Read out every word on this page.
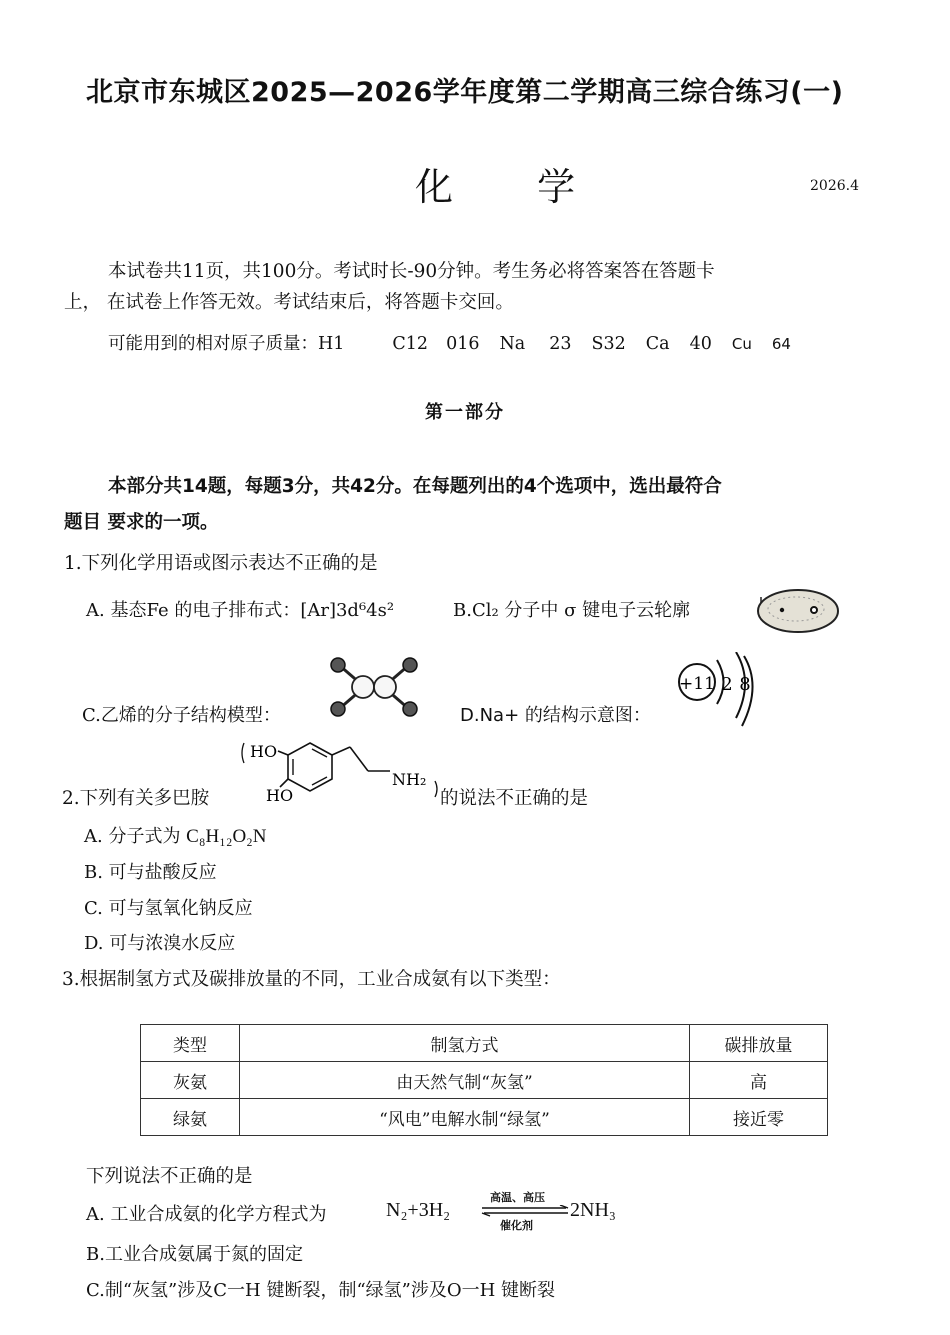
北京市东城区2025—2026学年度第二学期高三综合练习(一)
化 学	2026.4
本试卷共11页，共100分。考试时长-90分钟。考生务必将答案答在答题卡
上， 在试卷上作答无效。考试结束后，将答题卡交回。
可能用到的相对原子质量：H1	C12 016 Na 23 S32 Ca 40 Cu 64
第一部分
本部分共14题，每题3分，共42分。在每题列出的4个选项中，选出最符合
题目 要求的一项。
1.下列化学用语或图示表达不正确的是
A. 基态Fe 的电子排布式：[Ar]3d⁶4s²	B.Cl₂ 分子中 σ 键电子云轮廓
C.乙烯的分子结构模型：	D.Na+ 的结构示意图：
+11 2 8
2.下列有关多巴胺
HO
HO
NH₂
的说法不正确的是
A. 分子式为 C₈H₁₂O₂N
B. 可与盐酸反应
C. 可与氢氧化钠反应
D. 可与浓溴水反应
3.根据制氢方式及碳排放量的不同，工业合成氨有以下类型：
类型	制氢方式	碳排放量
灰氨	由天然气制“灰氢”	高
绿氨	“风电”电解水制“绿氢”	接近零
下列说法不正确的是
A. 工业合成氨的化学方程式为	N₂+3H₂
高温、高压
催化剂
2NH₃
B.工业合成氨属于氮的固定
C.制“灰氢”涉及C一H 键断裂，制“绿氢”涉及O一H 键断裂
